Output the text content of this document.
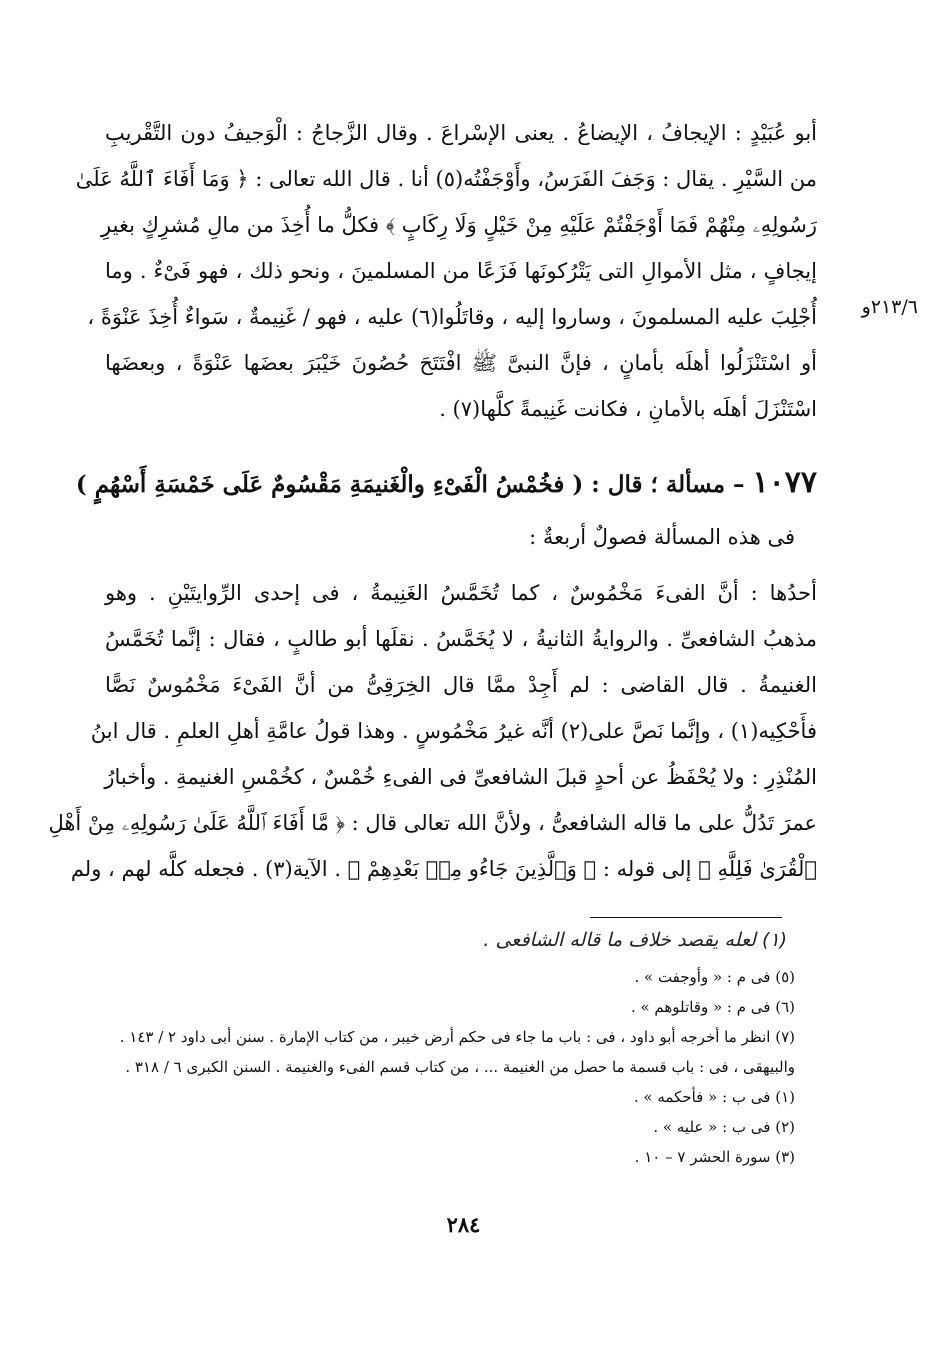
أبو عُبَيْدٍ : الإيجافُ ، الإيضاعُ . يعنى الإسْراعَ . وقال الزَّجاجُ : الْوَجيفُ دون التَّقْريبِ
من السَّيْرِ . يقال : وَجَفَ الفَرَسُ، وأَوْجَفْتُه(٥) أنا . قال الله تعالى : ﴿ وَمَا أَفَاءَ ٱللَّهُ عَلَىٰ
رَسُولِهِۦ مِنْهُمْ فَمَا أَوْجَفْتُمْ عَلَيْهِ مِنْ خَيْلٍ وَلَا رِكَابٍ ﴾ فكلُّ ما أُخِذَ من مالِ مُشرِكٍ بغيرِ
إيجافٍ ، مثل الأموالِ التى يَتْرُكونَها فَزَعًا من المسلمينَ ، ونحو ذلك ، فهو فَىْءٌ . وما
أُجْلِبَ عليه المسلمونَ ، وساروا إليه ، وقاتَلُوا(٦) عليه ، فهو / غَنِيمةٌ ، سَواءٌ أُخِذَ عَنْوَةً ،
أو اسْتَنْزَلُوا أهلَه بأمانٍ ، فإنَّ النبىَّ ﷺ افْتَتَحَ حُصُونَ خَيْبَرَ بعضَها عَنْوَةً ، وبعضَها
اسْتَنْزَلَ أهلَه بالأمانِ ، فكانت غَنِيمةً كلَّها(٧) .
٢١٣/٦و
١٠٧٧ – مسألة ؛ قال : ( فخُمْسُ الْفَىْءِ والْغَنيمَةِ مَقْسُومٌ عَلَى خَمْسَةِ أَسْهُمٍ )
فى هذه المسألة فصولٌ أربعةٌ :
أحدُها : أنَّ الفىءَ مَخْمُوسٌ ، كما تُخَمَّسُ الغَنِيمةُ ، فى إحدى الرِّوايتَيْنِ . وهو
مذهبُ الشافعىِّ . والروايةُ الثانيةُ ، لا يُخَمَّسُ . نقلَها أبو طالبٍ ، فقال : إنَّما تُخَمَّسُ
الغنيمةُ . قال القاضى : لم أَجِدْ ممَّا قال الخِرَقِىُّ من أنَّ الفَىْءَ مَخْمُوسٌ نَصًّا
فأَحْكِيه(١) ، وإنَّما نَصَّ على(٢) أنَّه غيرُ مَخْمُوسٍ . وهذا قولُ عامَّةِ أهلِ العلمِ . قال ابنُ
المُنْذِرِ : ولا يُحْفَظُ عن أحدٍ قبلَ الشافعىِّ فى الفىءِ خُمْسٌ ، كخُمْسِ الغنيمةِ . وأخبارُ
عمرَ تَدُلُّ على ما قاله الشافعىُّ ، ولأنَّ الله تعالى قال : ﴿ مَّا أَفَاءَ ٱللَّهُ عَلَىٰ رَسُولِهِۦ مِنْ أَهْلِ
ٱلْقُرَىٰ فَلِلَّهِ ﴾ إلى قوله : ﴿ وَٱلَّذِينَ جَاءُو مِنۢ بَعْدِهِمْ ﴾ . الآية(٣) . فجعله كلَّه لهم ، ولم
(١) لعله يقصد خلاف ما قاله الشافعى .
(٥) فى م : « وأوجفت » .
(٦) فى م : « وقاتلوهم » .
(٧) انظر ما أخرجه أبو داود ، فى : باب ما جاء فى حكم أرض خيبر ، من كتاب الإمارة . سنن أبى داود ٢ / ١٤٣ .
والبيهقى ، فى : باب قسمة ما حصل من الغنيمة ... ، من كتاب قسم الفىء والغنيمة . السنن الكبرى ٦ / ٣١٨ .
(١) فى ب : « فأحكمه » .
(٢) فى ب : « عليه » .
(٣) سورة الحشر ٧ – ١٠ .
٢٨٤
